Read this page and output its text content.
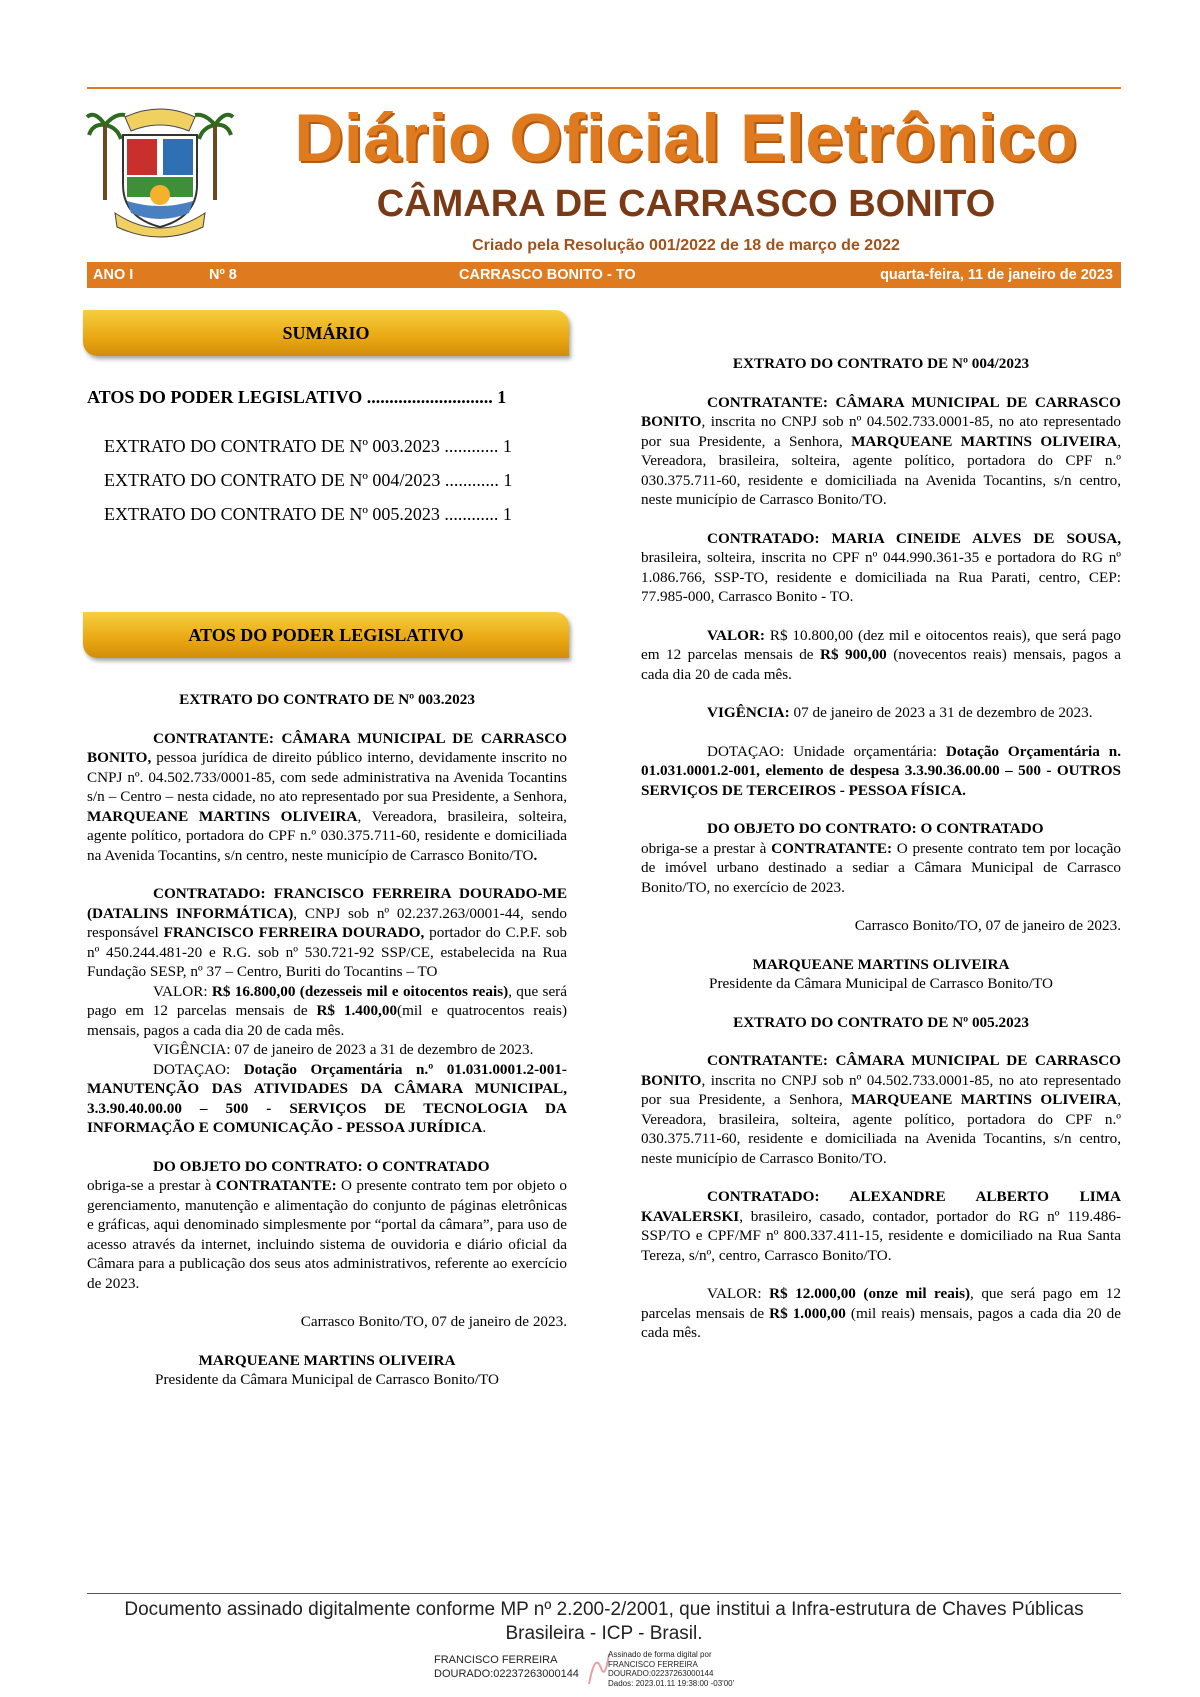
Diário Oficial Eletrônico
CÂMARA DE CARRASCO BONITO
Criado pela Resolução 001/2022 de 18 de março de 2022
ANO I	Nº 8	CARRASCO BONITO - TO	quarta-feira, 11 de janeiro de 2023
SUMÁRIO
ATOS DO PODER LEGISLATIVO ............................ 1
EXTRATO DO CONTRATO DE Nº 003.2023 ............ 1
EXTRATO DO CONTRATO DE Nº 004/2023 ............ 1
EXTRATO DO CONTRATO DE Nº 005.2023 ............ 1
ATOS DO PODER LEGISLATIVO

EXTRATO DO CONTRATO DE Nº 003.2023

CONTRATANTE: CÂMARA MUNICIPAL DE CARRASCO BONITO, pessoa jurídica de direito público interno, devidamente inscrito no CNPJ nº. 04.502.733/0001-85, com sede administrativa na Avenida Tocantins s/n – Centro – nesta cidade, no ato representado por sua Presidente, a Senhora, MARQUEANE MARTINS OLIVEIRA, Vereadora, brasileira, solteira, agente político, portadora do CPF n.º 030.375.711-60, residente e domiciliada na Avenida Tocantins, s/n centro, neste município de Carrasco Bonito/TO.

CONTRATADO: FRANCISCO FERREIRA DOURADO-ME (DATALINS INFORMÁTICA), CNPJ sob nº 02.237.263/0001-44, sendo responsável FRANCISCO FERREIRA DOURADO, portador do C.P.F. sob nº 450.244.481-20 e R.G. sob nº 530.721-92 SSP/CE, estabelecida na Rua Fundação SESP, nº 37 – Centro, Buriti do Tocantins – TO

VALOR: R$ 16.800,00 (dezesseis mil e oitocentos reais), que será pago em 12 parcelas mensais de R$ 1.400,00(mil e quatrocentos reais) mensais, pagos a cada dia 20 de cada mês.

VIGÊNCIA: 07 de janeiro de 2023 a 31 de dezembro de 2023.

DOTAÇAO: Dotação Orçamentária n.º 01.031.0001.2-001- MANUTENÇÃO DAS ATIVIDADES DA CÂMARA MUNICIPAL, 3.3.90.40.00.00 – 500 - SERVIÇOS DE TECNOLOGIA DA INFORMAÇÃO E COMUNICAÇÃO - PESSOA JURÍDICA.

DO OBJETO DO CONTRATO: O CONTRATADO

obriga-se a prestar à CONTRATANTE: O presente contrato tem por objeto o gerenciamento, manutenção e alimentação do conjunto de páginas eletrônicas e gráficas, aqui denominado simplesmente por “portal da câmara”, para uso de acesso através da internet, incluindo sistema de ouvidoria e diário oficial da Câmara para a publicação dos seus atos administrativos, referente ao exercício de 2023.

Carrasco Bonito/TO, 07 de janeiro de 2023.

MARQUEANE MARTINS OLIVEIRA

Presidente da Câmara Municipal de Carrasco Bonito/TO

EXTRATO DO CONTRATO DE Nº 004/2023

CONTRATANTE: CÂMARA MUNICIPAL DE CARRASCO BONITO, inscrita no CNPJ sob nº 04.502.733.0001-85, no ato representado por sua Presidente, a Senhora, MARQUEANE MARTINS OLIVEIRA, Vereadora, brasileira, solteira, agente político, portadora do CPF n.º 030.375.711-60, residente e domiciliada na Avenida Tocantins, s/n centro, neste município de Carrasco Bonito/TO.

CONTRATADO: MARIA CINEIDE ALVES DE SOUSA, brasileira, solteira, inscrita no CPF nº 044.990.361-35 e portadora do RG nº 1.086.766, SSP-TO, residente e domiciliada na Rua Parati, centro, CEP: 77.985-000, Carrasco Bonito - TO.

VALOR: R$ 10.800,00 (dez mil e oitocentos reais), que será pago em 12 parcelas mensais de R$ 900,00 (novecentos reais) mensais, pagos a cada dia 20 de cada mês.

VIGÊNCIA: 07 de janeiro de 2023 a 31 de dezembro de 2023.

DOTAÇAO: Unidade orçamentária: Dotação Orçamentária n. 01.031.0001.2-001, elemento de despesa 3.3.90.36.00.00 – 500 - OUTROS SERVIÇOS DE TERCEIROS - PESSOA FÍSICA.

DO OBJETO DO CONTRATO: O CONTRATADO

obriga-se a prestar à CONTRATANTE: O presente contrato tem por locação de imóvel urbano destinado a sediar a Câmara Municipal de Carrasco Bonito/TO, no exercício de 2023.

Carrasco Bonito/TO, 07 de janeiro de 2023.

MARQUEANE MARTINS OLIVEIRA

Presidente da Câmara Municipal de Carrasco Bonito/TO

EXTRATO DO CONTRATO DE Nº 005.2023

CONTRATANTE: CÂMARA MUNICIPAL DE CARRASCO BONITO, inscrita no CNPJ sob nº 04.502.733.0001-85, no ato representado por sua Presidente, a Senhora, MARQUEANE MARTINS OLIVEIRA, Vereadora, brasileira, solteira, agente político, portadora do CPF n.º 030.375.711-60, residente e domiciliada na Avenida Tocantins, s/n centro, neste município de Carrasco Bonito/TO.

CONTRATADO: ALEXANDRE ALBERTO LIMA KAVALERSKI, brasileiro, casado, contador, portador do RG nº 119.486-SSP/TO e CPF/MF nº 800.337.411-15, residente e domiciliado na Rua Santa Tereza, s/nº, centro, Carrasco Bonito/TO.

VALOR: R$ 12.000,00 (onze mil reais), que será pago em 12 parcelas mensais de R$ 1.000,00 (mil reais) mensais, pagos a cada dia 20 de cada mês.

Documento assinado digitalmente conforme MP nº 2.200-2/2001, que institui a Infra-estrutura de Chaves Públicas Brasileira - ICP - Brasil.
FRANCISCO FERREIRA
DOURADO:02237263000144
Assinado de forma digital por
FRANCISCO FERREIRA
DOURADO:02237263000144
Dados: 2023.01.11 19:38:00 -03'00'
